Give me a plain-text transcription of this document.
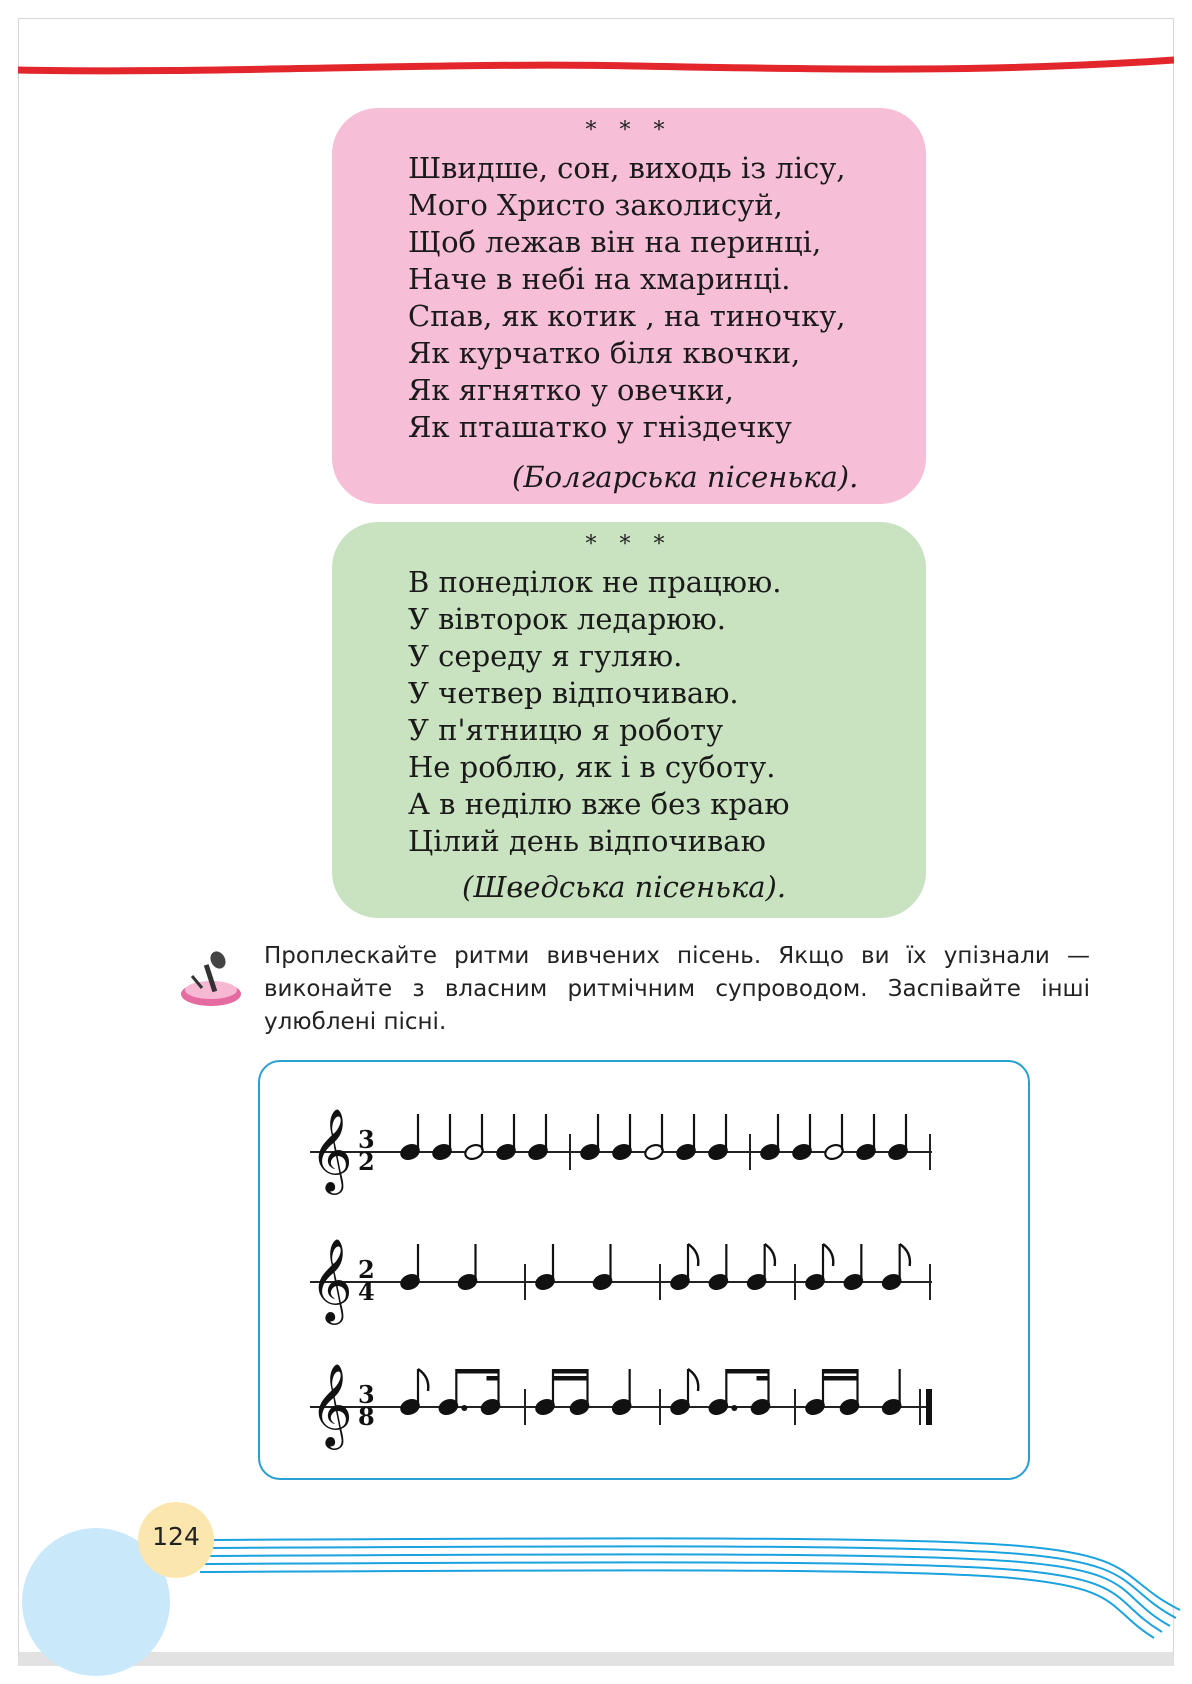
* * *
Швидше, сон, виходь із лісу,
Мого Христо заколисуй,
Щоб лежав він на перинці,
Наче в небі на хмаринці.
Спав, як котик , на тиночку,
Як курчатко біля квочки,
Як ягнятко у овечки,
Як пташатко у гніздечку
(Болгарська пісенька).
* * *
В понеділок не працюю.
У вівторок ледарюю.
У середу я гуляю.
У четвер відпочиваю.
У п'ятницю я роботу
Не роблю, як і в суботу.
А в неділю вже без краю
Цілий день відпочиваю
(Шведська пісенька).
Проплескайте ритми вивчених пісень. Якщо ви їх упізнали — виконайте з власним ритмічним супроводом. Заспівайте інші улюблені пісні.
𝄞 3
2
𝄞 2
4
𝄞 3
8
124
